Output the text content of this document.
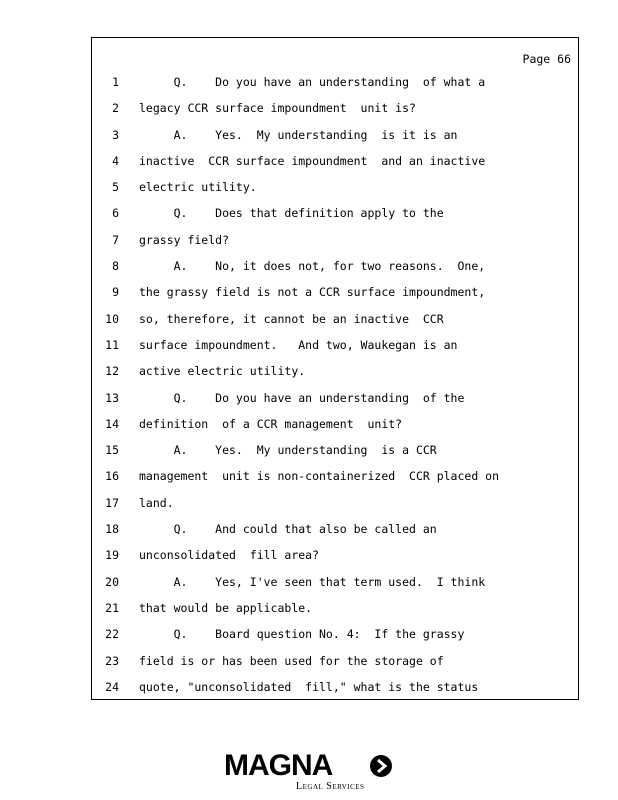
Page 66
1 Q.    Do you have an understanding  of what a
2 legacy CCR surface impoundment  unit is?
3 A.    Yes.  My understanding  is it is an
4 inactive  CCR surface impoundment  and an inactive
5 electric utility.
6 Q.    Does that definition apply to the
7 grassy field?
8 A.    No, it does not, for two reasons.  One,
9 the grassy field is not a CCR surface impoundment,
10 so, therefore, it cannot be an inactive  CCR
11 surface impoundment.   And two, Waukegan is an
12 active electric utility.
13 Q.    Do you have an understanding  of the
14 definition  of a CCR management  unit?
15 A.    Yes.  My understanding  is a CCR
16 management  unit is non-containerized  CCR placed on
17 land.
18 Q.    And could that also be called an
19 unconsolidated  fill area?
20 A.    Yes, I've seen that term used.  I think
21 that would be applicable.
22 Q.    Board question No. 4:  If the grassy
23 field is or has been used for the storage of
24 quote, "unconsolidated  fill," what is the status
MAGNA
Legal Services
